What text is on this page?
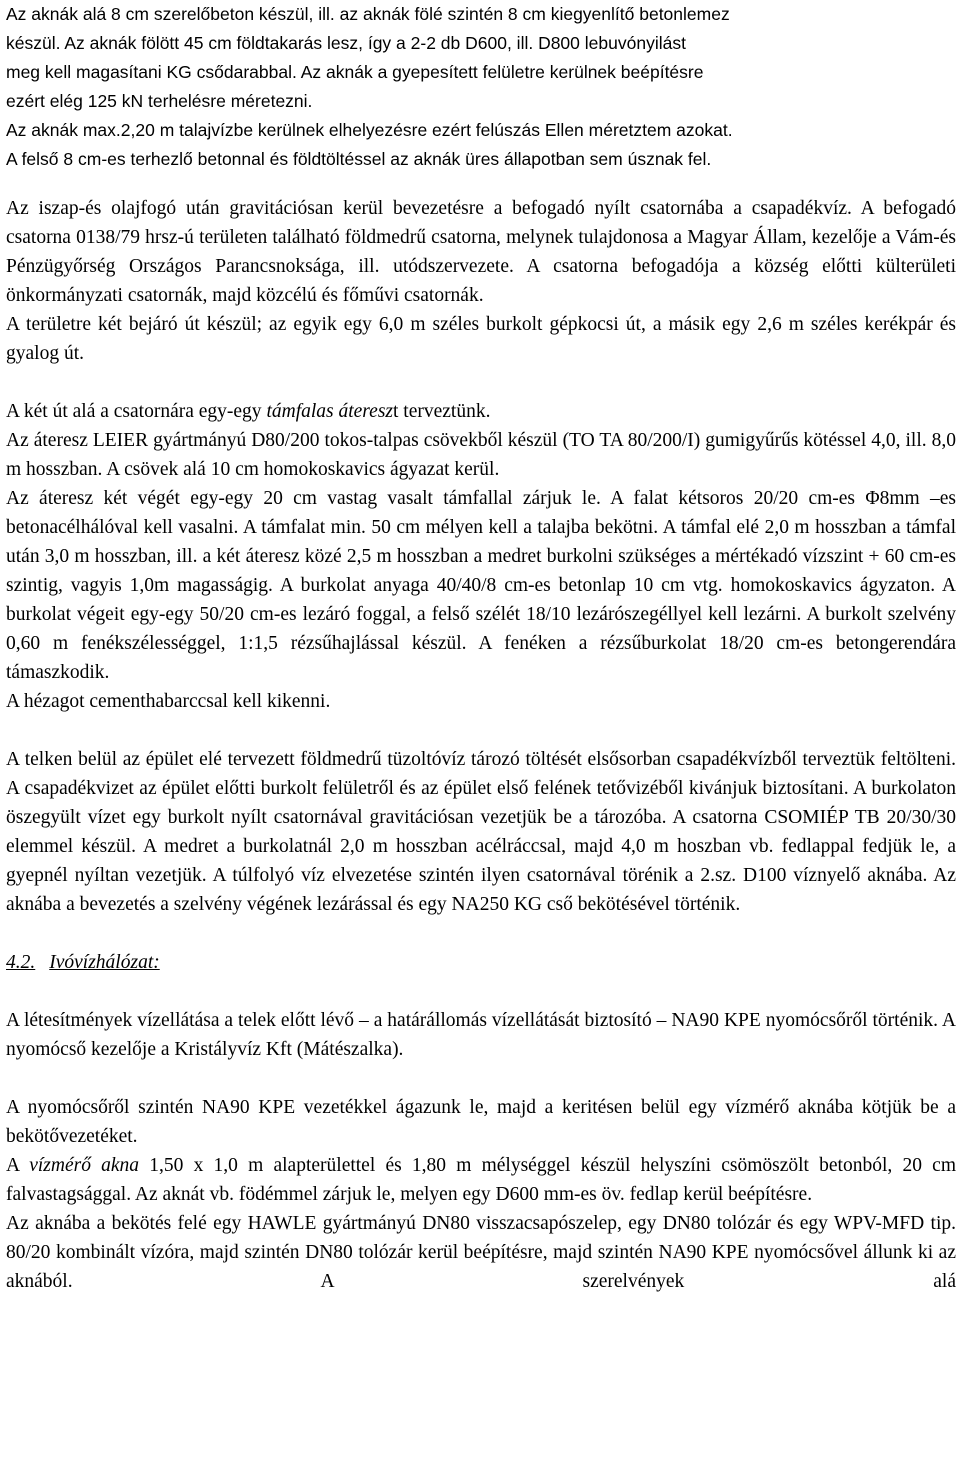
Az aknák alá 8 cm szerelőbeton készül, ill. az aknák fölé szintén 8 cm kiegyenlítő betonlemez
készül. Az aknák fölött 45 cm földtakarás lesz, így a 2-2 db D600, ill. D800 lebuvónyilást
meg kell magasítani KG csődarabbal. Az aknák a gyepesített felületre kerülnek beépítésre
ezért elég 125 kN terhelésre méretezni.
Az aknák max.2,20 m talajvízbe kerülnek elhelyezésre ezért felúszás Ellen méretztem azokat.
A felső 8 cm-es terhezlő betonnal és földtöltéssel az aknák üres állapotban sem úsznak fel.

Az iszap-és olajfogó után gravitációsan kerül bevezetésre a befogadó nyílt csatornába a csapadékvíz. A befogadó csatorna 0138/79 hrsz-ú területen található földmedrű csatorna, melynek tulajdonosa a Magyar Állam, kezelője a Vám-és Pénzügyőrség Országos Parancsnoksága, ill. utódszervezete. A csatorna befogadója a község előtti külterületi önkormányzati csatornák, majd közcélú és főművi csatornák.

A területre két bejáró út készül; az egyik egy 6,0 m széles burkolt gépkocsi út, a másik egy 2,6 m széles kerékpár és gyalog út.

A két út alá a csatornára egy-egy támfalas átereszt terveztünk.

Az áteresz LEIER gyártmányú D80/200 tokos-talpas csövekből készül (TO TA 80/200/I) gumigyűrűs kötéssel 4,0, ill. 8,0 m hosszban. A csövek alá 10 cm homokoskavics ágyazat kerül.

Az áteresz két végét egy-egy 20 cm vastag vasalt támfallal zárjuk le. A falat kétsoros 20/20 cm-es Φ8mm –es betonacélhálóval kell vasalni. A támfalat min. 50 cm mélyen kell a talajba bekötni. A támfal elé 2,0 m hosszban a támfal után 3,0 m hosszban, ill. a két áteresz közé 2,5 m hosszban a medret burkolni szükséges a mértékadó vízszint + 60 cm-es szintig, vagyis 1,0m magasságig. A burkolat anyaga 40/40/8 cm-es betonlap 10 cm vtg. homokoskavics ágyzaton. A burkolat végeit egy-egy 50/20 cm-es lezáró foggal, a felső szélét 18/10 lezárószegéllyel kell lezárni. A burkolt szelvény 0,60 m fenékszélességgel, 1:1,5 rézsűhajlással készül. A fenéken a rézsűburkolat 18/20 cm-es betongerendára támaszkodik.

A hézagot cementhabarccsal kell kikenni.

A telken belül az épület elé tervezett földmedrű tüzoltóvíz tározó töltését elsősorban csapadékvízből terveztük feltölteni. A csapadékvizet az épület előtti burkolt felületről és az épület első felének tetővizéből kivánjuk biztosítani. A burkolaton öszegyült vízet egy burkolt nyílt csatornával gravitációsan vezetjük be a tározóba. A csatorna CSOMIÉP TB 20/30/30 elemmel készül. A medret a burkolatnál 2,0 m hosszban acélráccsal, majd 4,0 m hoszban vb. fedlappal fedjük le, a gyepnél nyíltan vezetjük. A túlfolyó víz elvezetése szintén ilyen csatornával törénik a 2.sz. D100 víznyelő aknába. Az aknába a bevezetés a szelvény végének lezárással és egy NA250 KG cső bekötésével történik.

4.2. Ivóvízhálózat:

A létesítmények vízellátása a telek előtt lévő – a határállomás vízellátását biztosító – NA90 KPE nyomócsőről történik. A nyomócső kezelője a Kristályvíz Kft (Mátészalka).

A nyomócsőről szintén NA90 KPE vezetékkel ágazunk le, majd a keritésen belül egy vízmérő aknába kötjük be a bekötővezetéket.

A vízmérő akna 1,50 x 1,0 m alapterülettel és 1,80 m mélységgel készül helyszíni csömöszölt betonból, 20 cm falvastagsággal. Az aknát vb. födémmel zárjuk le, melyen egy D600 mm-es öv. fedlap kerül beépítésre.

Az aknába a bekötés felé egy HAWLE gyártmányú DN80 visszacsapószelep, egy DN80 tolózár és egy WPV-MFD tip. 80/20 kombinált vízóra, majd szintén DN80 tolózár kerül beépítésre, majd szintén NA90 KPE nyomócsővel állunk ki az aknából. A szerelvények alá
